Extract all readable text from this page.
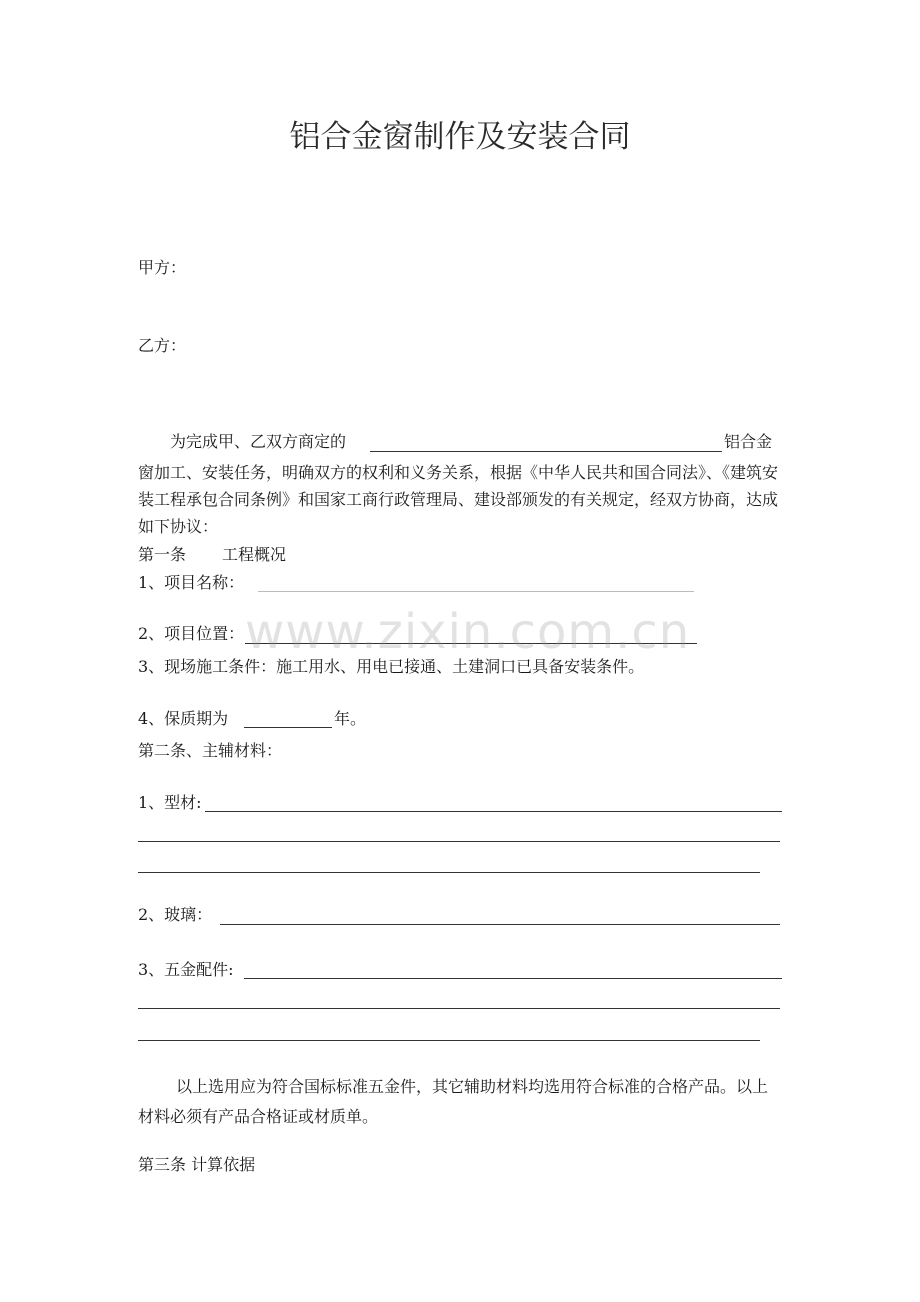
铝合金窗制作及安装合同
甲方：
乙方：
为完成甲、乙双方商定的	铝合金
窗加工、安装任务，明确双方的权利和义务关系，根据《中华人民共和国合同法》、《建筑安装工程承包合同条例》和国家工商行政管理局、建设部颁发的有关规定，经双方协商，达成如下协议：
第一条 工程概况
1、项目名称：
2、项目位置：
3、现场施工条件：施工用水、用电已接通、土建洞口已具备安装条件。
4、保质期为	年。
第二条、主辅材料：
1、型材:
2、玻璃：
3、五金配件:
以上选用应为符合国标标准五金件，其它辅助材料均选用符合标准的合格产品。以上材料必须有产品合格证或材质单。
第三条 计算依据
www.zixin.com.cn
